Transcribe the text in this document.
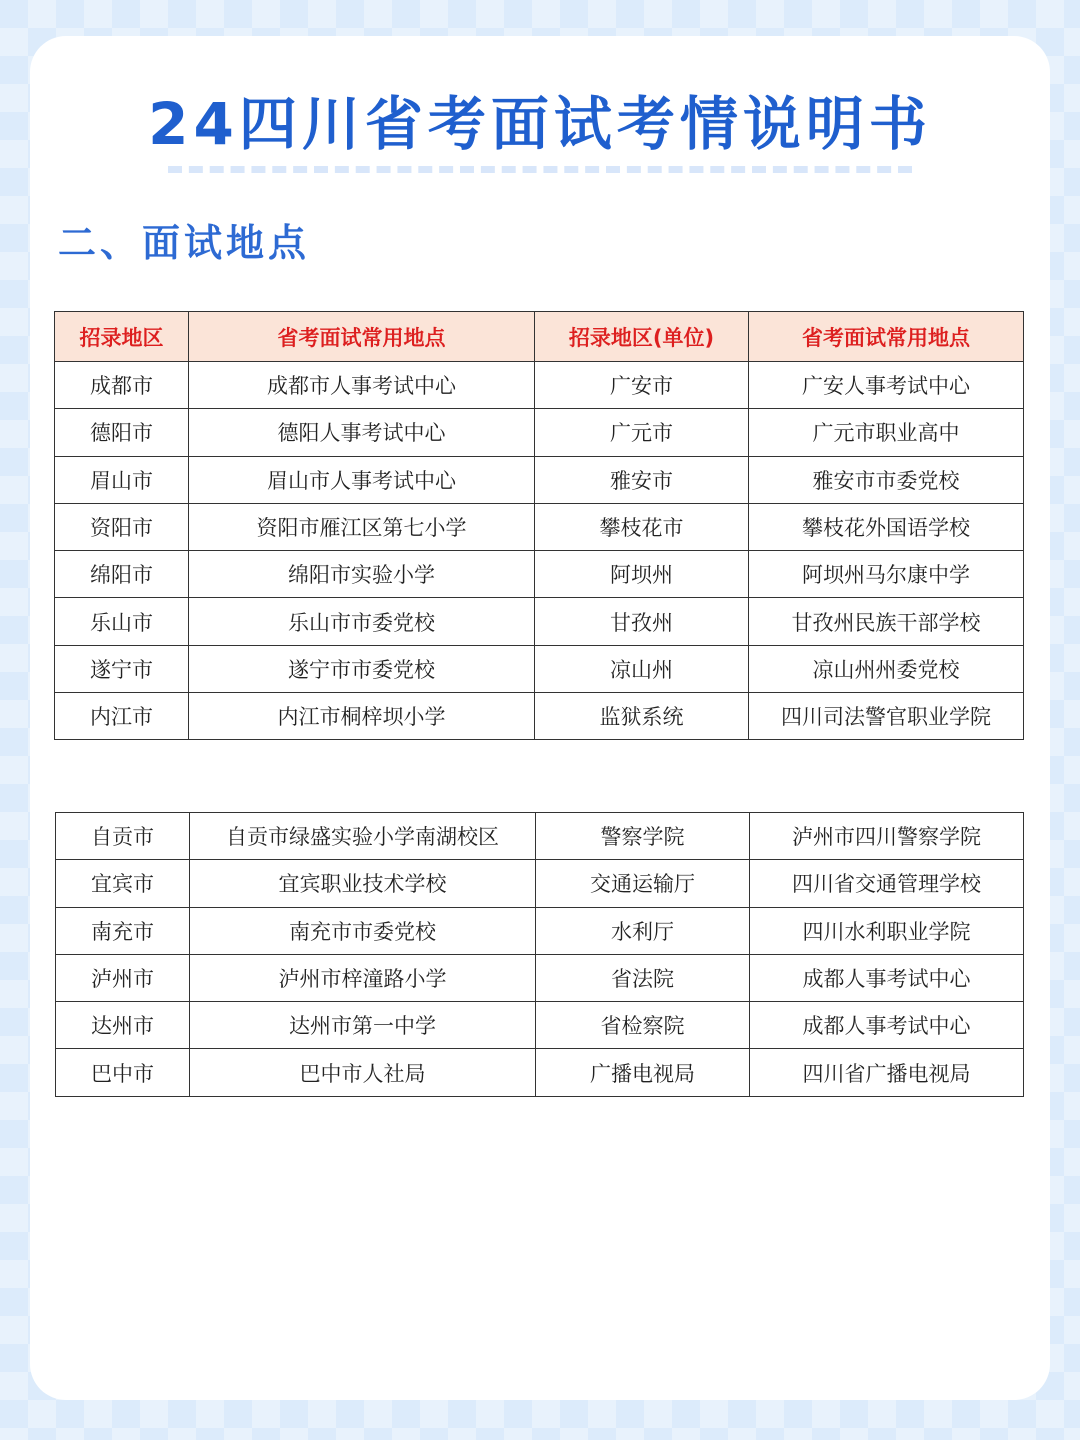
24四川省考面试考情说明书
二、面试地点
招录地区	省考面试常用地点	招录地区(单位)	省考面试常用地点
成都市	成都市人事考试中心	广安市	广安人事考试中心
德阳市	德阳人事考试中心	广元市	广元市职业高中
眉山市	眉山市人事考试中心	雅安市	雅安市市委党校
资阳市	资阳市雁江区第七小学	攀枝花市	攀枝花外国语学校
绵阳市	绵阳市实验小学	阿坝州	阿坝州马尔康中学
乐山市	乐山市市委党校	甘孜州	甘孜州民族干部学校
遂宁市	遂宁市市委党校	凉山州	凉山州州委党校
内江市	内江市桐梓坝小学	监狱系统	四川司法警官职业学院
自贡市	自贡市绿盛实验小学南湖校区	警察学院	泸州市四川警察学院
宜宾市	宜宾职业技术学校	交通运输厅	四川省交通管理学校
南充市	南充市市委党校	水利厅	四川水利职业学院
泸州市	泸州市梓潼路小学	省法院	成都人事考试中心
达州市	达州市第一中学	省检察院	成都人事考试中心
巴中市	巴中市人社局	广播电视局	四川省广播电视局
